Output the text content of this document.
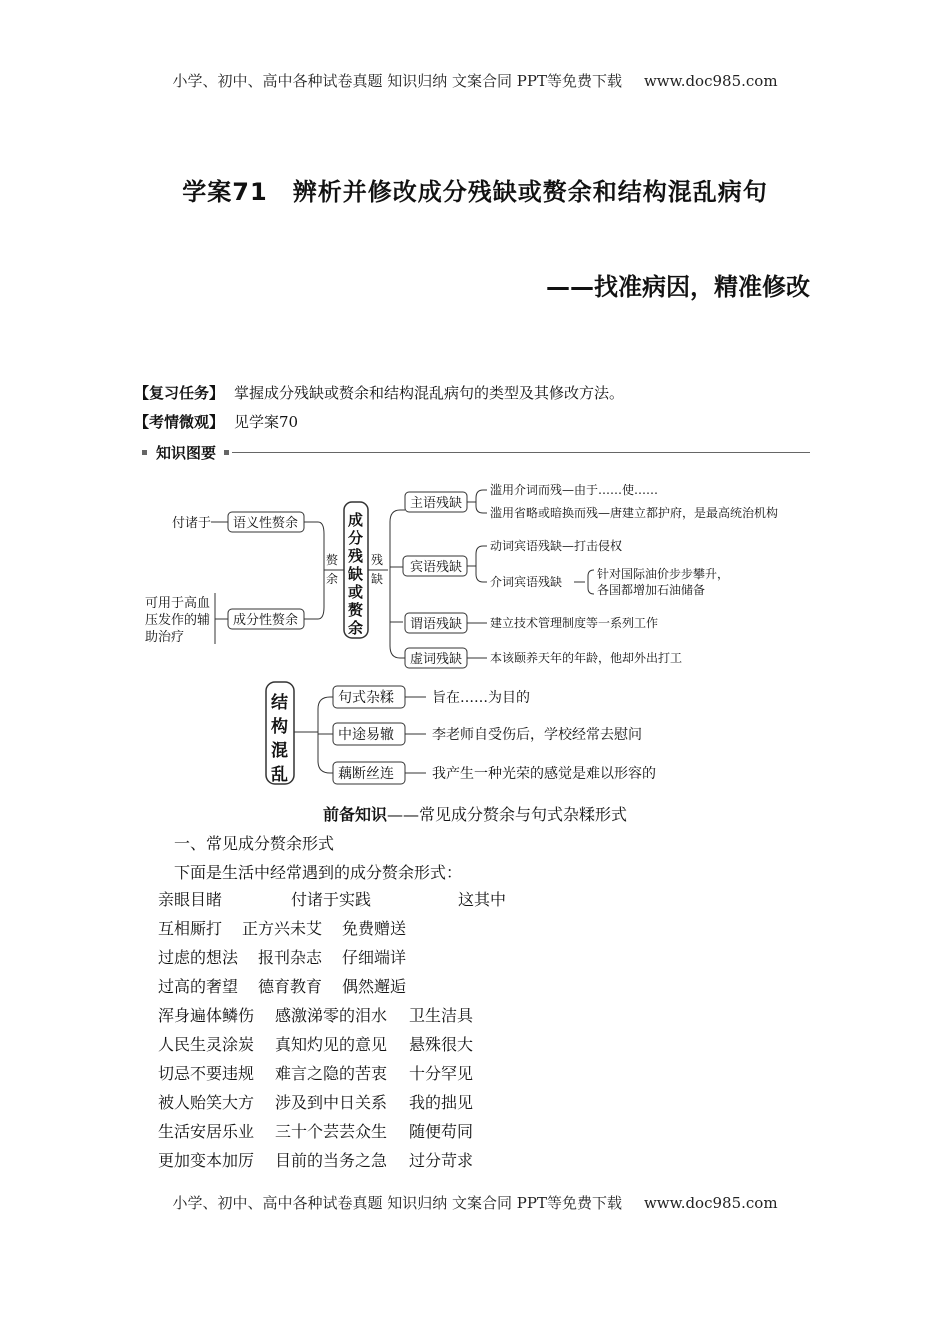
小学、初中、高中各种试卷真题 知识归纳 文案合同 PPT等免费下载 www.doc985.com
学案71　辨析并修改成分残缺或赘余和结构混乱病句
——找准病因，精准修改
【复习任务】 掌握成分残缺或赘余和结构混乱病句的类型及其修改方法。
【考情微观】 见学案70
知识图要
付诸于 语义性赘余
可用于高血
压发作的辅
助治疗
成分性赘余
赘
余
成
分
残
缺
或
赘
余
残
缺
主语残缺
宾语残缺
谓语残缺
虚词残缺
滥用介词而残—由于……使……
滥用省略或暗换而残—唐建立都护府，是最高统治机构
动词宾语残缺—打击侵权
介词宾语残缺
针对国际油价步步攀升，
各国都增加石油储备
建立技术管理制度等一系列工作
本该颐养天年的年龄，他却外出打工
结
构
混
乱
句式杂糅
中途易辙
藕断丝连
旨在……为目的
李老师自受伤后，学校经常去慰问
我产生一种光荣的感觉是难以形容的
前备知识——常见成分赘余与句式杂糅形式
一、常见成分赘余形式
下面是生活中经常遇到的成分赘余形式：
亲眼目睹	付诸于实践	这其中
互相厮打 正方兴未艾 免费赠送
过虑的想法 报刊杂志 仔细端详
过高的奢望 德育教育 偶然邂逅
浑身遍体鳞伤 感激涕零的泪水 卫生洁具
人民生灵涂炭 真知灼见的意见 悬殊很大
切忌不要违规 难言之隐的苦衷 十分罕见
被人贻笑大方 涉及到中日关系 我的拙见
生活安居乐业 三十个芸芸众生 随便苟同
更加变本加厉 目前的当务之急 过分苛求
小学、初中、高中各种试卷真题 知识归纳 文案合同 PPT等免费下载 www.doc985.com
